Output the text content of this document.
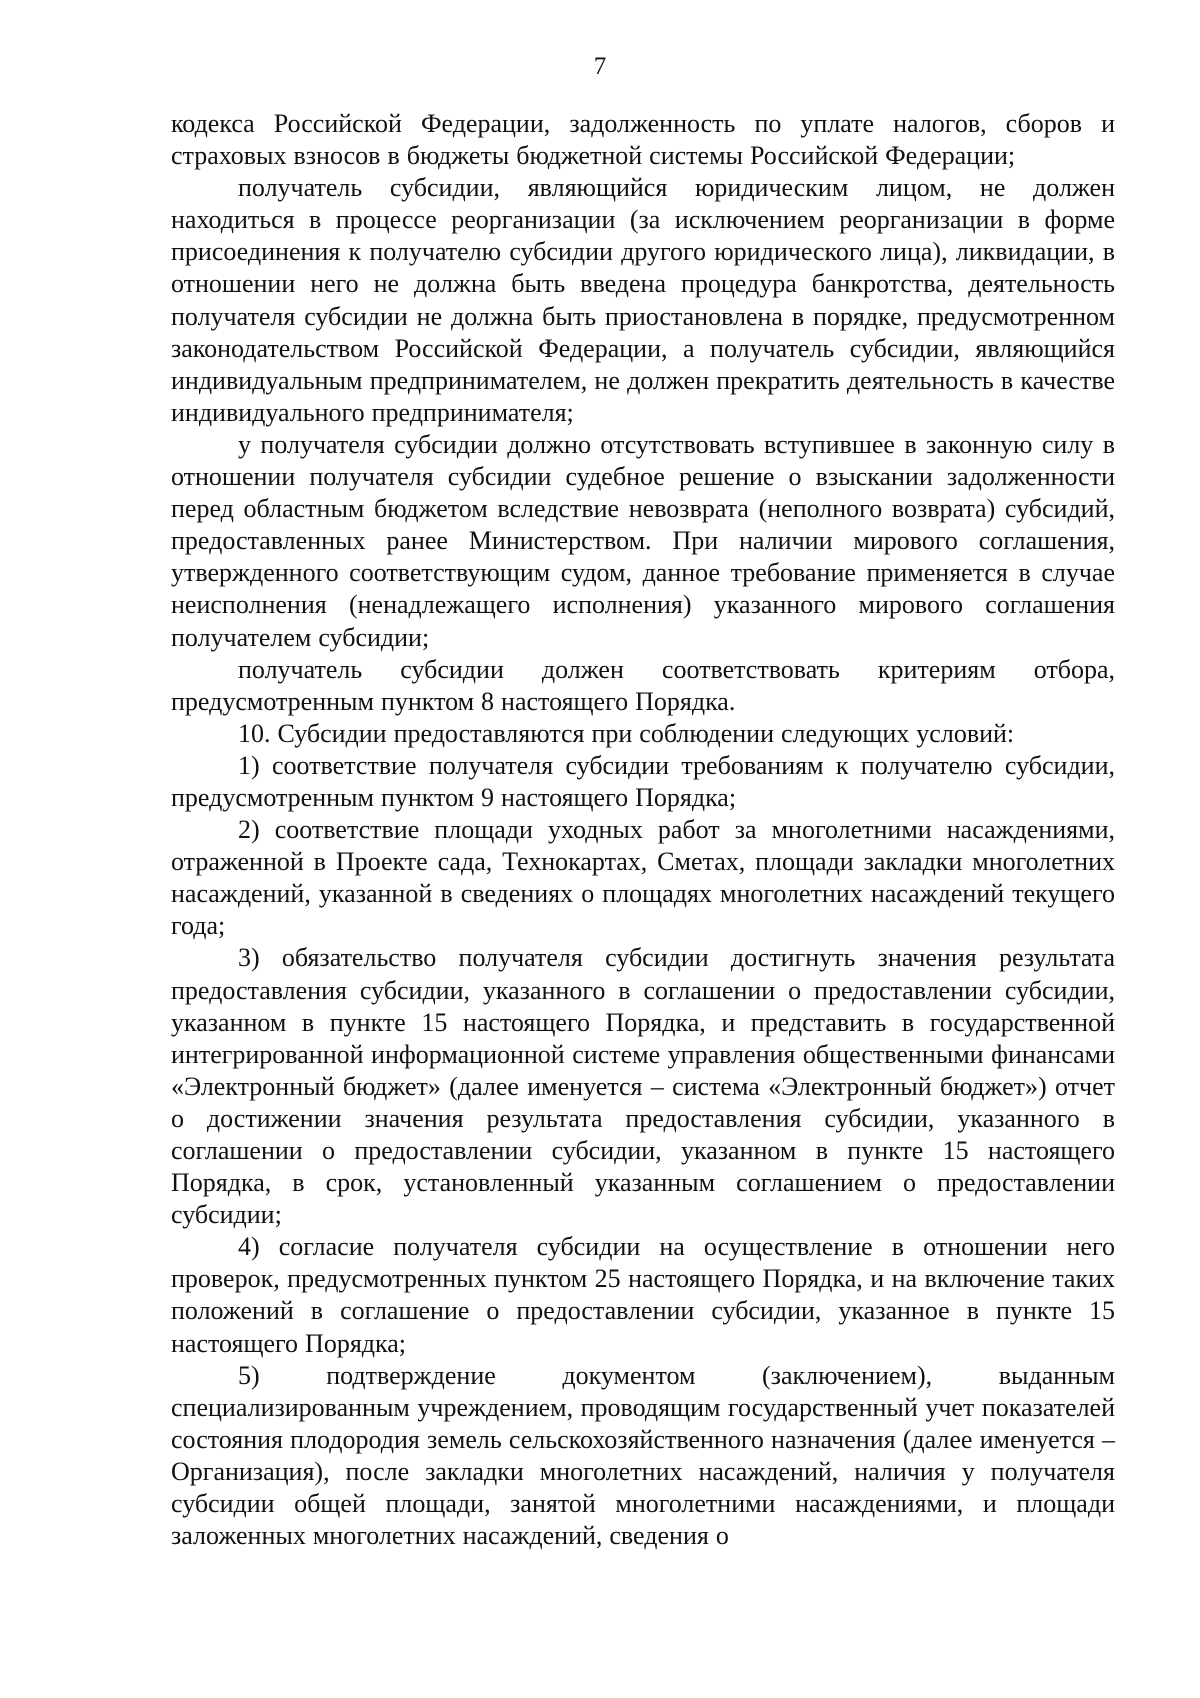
7

кодекса Российской Федерации, задолженность по уплате налогов, сборов и страховых взносов в бюджеты бюджетной системы Российской Федерации;

получатель субсидии, являющийся юридическим лицом, не должен находиться в процессе реорганизации (за исключением реорганизации в форме присоединения к получателю субсидии другого юридического лица), ликвидации, в отношении него не должна быть введена процедура банкротства, деятельность получателя субсидии не должна быть приостановлена в порядке, предусмотренном законодательством Российской Федерации, а получатель субсидии, являющийся индивидуальным предпринимателем, не должен прекратить деятельность в качестве индивидуального предпринимателя;

у получателя субсидии должно отсутствовать вступившее в законную силу в отношении получателя субсидии судебное решение о взыскании задолженности перед областным бюджетом вследствие невозврата (неполного возврата) субсидий, предоставленных ранее Министерством. При наличии мирового соглашения, утвержденного соответствующим судом, данное требование применяется в случае неисполнения (ненадлежащего исполнения) указанного мирового соглашения получателем субсидии;

получатель субсидии должен соответствовать критериям отбора, предусмотренным пунктом 8 настоящего Порядка.

10. Субсидии предоставляются при соблюдении следующих условий:

1) соответствие получателя субсидии требованиям к получателю субсидии, предусмотренным пунктом 9 настоящего Порядка;

2) соответствие площади уходных работ за многолетними насаждениями, отраженной в Проекте сада, Технокартах, Сметах, площади закладки многолетних насаждений, указанной в сведениях о площадях многолетних насаждений текущего года;

3) обязательство получателя субсидии достигнуть значения результата предоставления субсидии, указанного в соглашении о предоставлении субсидии, указанном в пункте 15 настоящего Порядка, и представить в государственной интегрированной информационной системе управления общественными финансами «Электронный бюджет» (далее именуется – система «Электронный бюджет») отчет о достижении значения результата предоставления субсидии, указанного в соглашении о предоставлении субсидии, указанном в пункте 15 настоящего Порядка, в срок, установленный указанным соглашением о предоставлении субсидии;

4) согласие получателя субсидии на осуществление в отношении него проверок, предусмотренных пунктом 25 настоящего Порядка, и на включение таких положений в соглашение о предоставлении субсидии, указанное в пункте 15 настоящего Порядка;

5) подтверждение документом (заключением), выданным специализированным учреждением, проводящим государственный учет показателей состояния плодородия земель сельскохозяйственного назначения (далее именуется – Организация), после закладки многолетних насаждений, наличия у получателя субсидии общей площади, занятой многолетними насаждениями, и площади заложенных многолетних насаждений, сведения о
